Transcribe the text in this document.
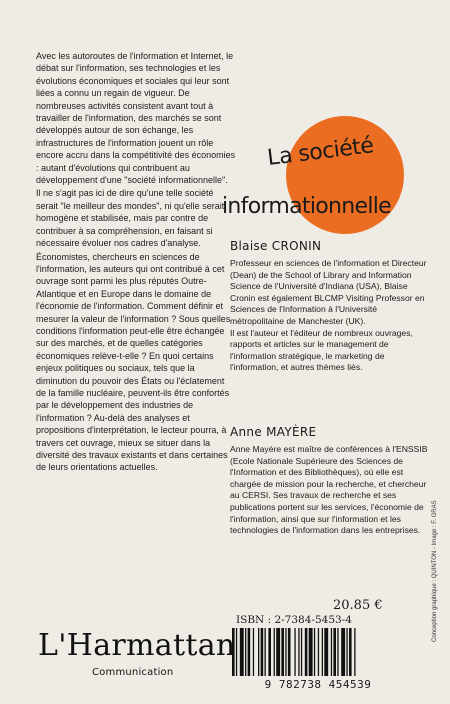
Avec les autoroutes de l'information et Internet, le débat sur l'information, ses technologies et les évolutions économiques et sociales qui leur sont liées a connu un regain de vigueur. De nombreuses activités consistent avant tout à travailler de l'information, des marchés se sont développés autour de son échange, les infrastructures de l'information jouent un rôle encore accru dans la compétitivité des économies : autant d'évolutions qui contribuent au développement d'une "société informationnelle".

Il ne s'agit pas ici de dire qu'une telle société serait "le meilleur des mondes", ni qu'elle serait homogène et stabilisée, mais par contre de contribuer à sa compréhension, en faisant si nécessaire évoluer nos cadres d'analyse.

Économistes, chercheurs en sciences de l'information, les auteurs qui ont contribué à cet ouvrage sont parmi les plus réputés Outre-Atlantique et en Europe dans le domaine de l'économie de l'information. Comment définir et mesurer la valeur de l'information ? Sous quelles conditions l'information peut-elle être échangée sur des marchés, et de quelles catégories économiques relève-t-elle ? En quoi certains enjeux politiques ou sociaux, tels que la diminution du pouvoir des États ou l'éclatement de la famille nucléaire, peuvent-ils être confortés par le développement des industries de l'information ? Au-delà des analyses et propositions d'interprétation, le lecteur pourra, à travers cet ouvrage, mieux se situer dans la diversité des travaux existants et dans certaines de leurs orientations actuelles.

La société
informationnelle
Blaise CRONIN

Professeur en sciences de l'information et Directeur (Dean) de the School of Library and Information Science de l'Université d'Indiana (USA), Blaise Cronin est également BLCMP Visiting Professor en Sciences de l'Information à l'Université métropolitaine de Manchester (UK).

Il est l'auteur et l'éditeur de nombreux ouvrages, rapports et articles sur le management de l'information stratégique, le marketing de l'information, et autres thèmes liés.

Anne MAYÈRE

Anne Mayère est maître de conférences à l'ENSSIB (Ecole Nationale Supérieure des Sciences de l'Information et des Bibliothèques), où elle est chargée de mission pour la recherche, et chercheur au CERSI. Ses travaux de recherche et ses publications portent sur les services, l'économie de l'information, ainsi que sur l'information et les technologies de l'information dans les entreprises.

20.85 €
ISBN : 2-7384-5453-4	Conception graphique : QUINTON - Image : F. GRAS
9 782738 454539
L'Harmattan
Communication
